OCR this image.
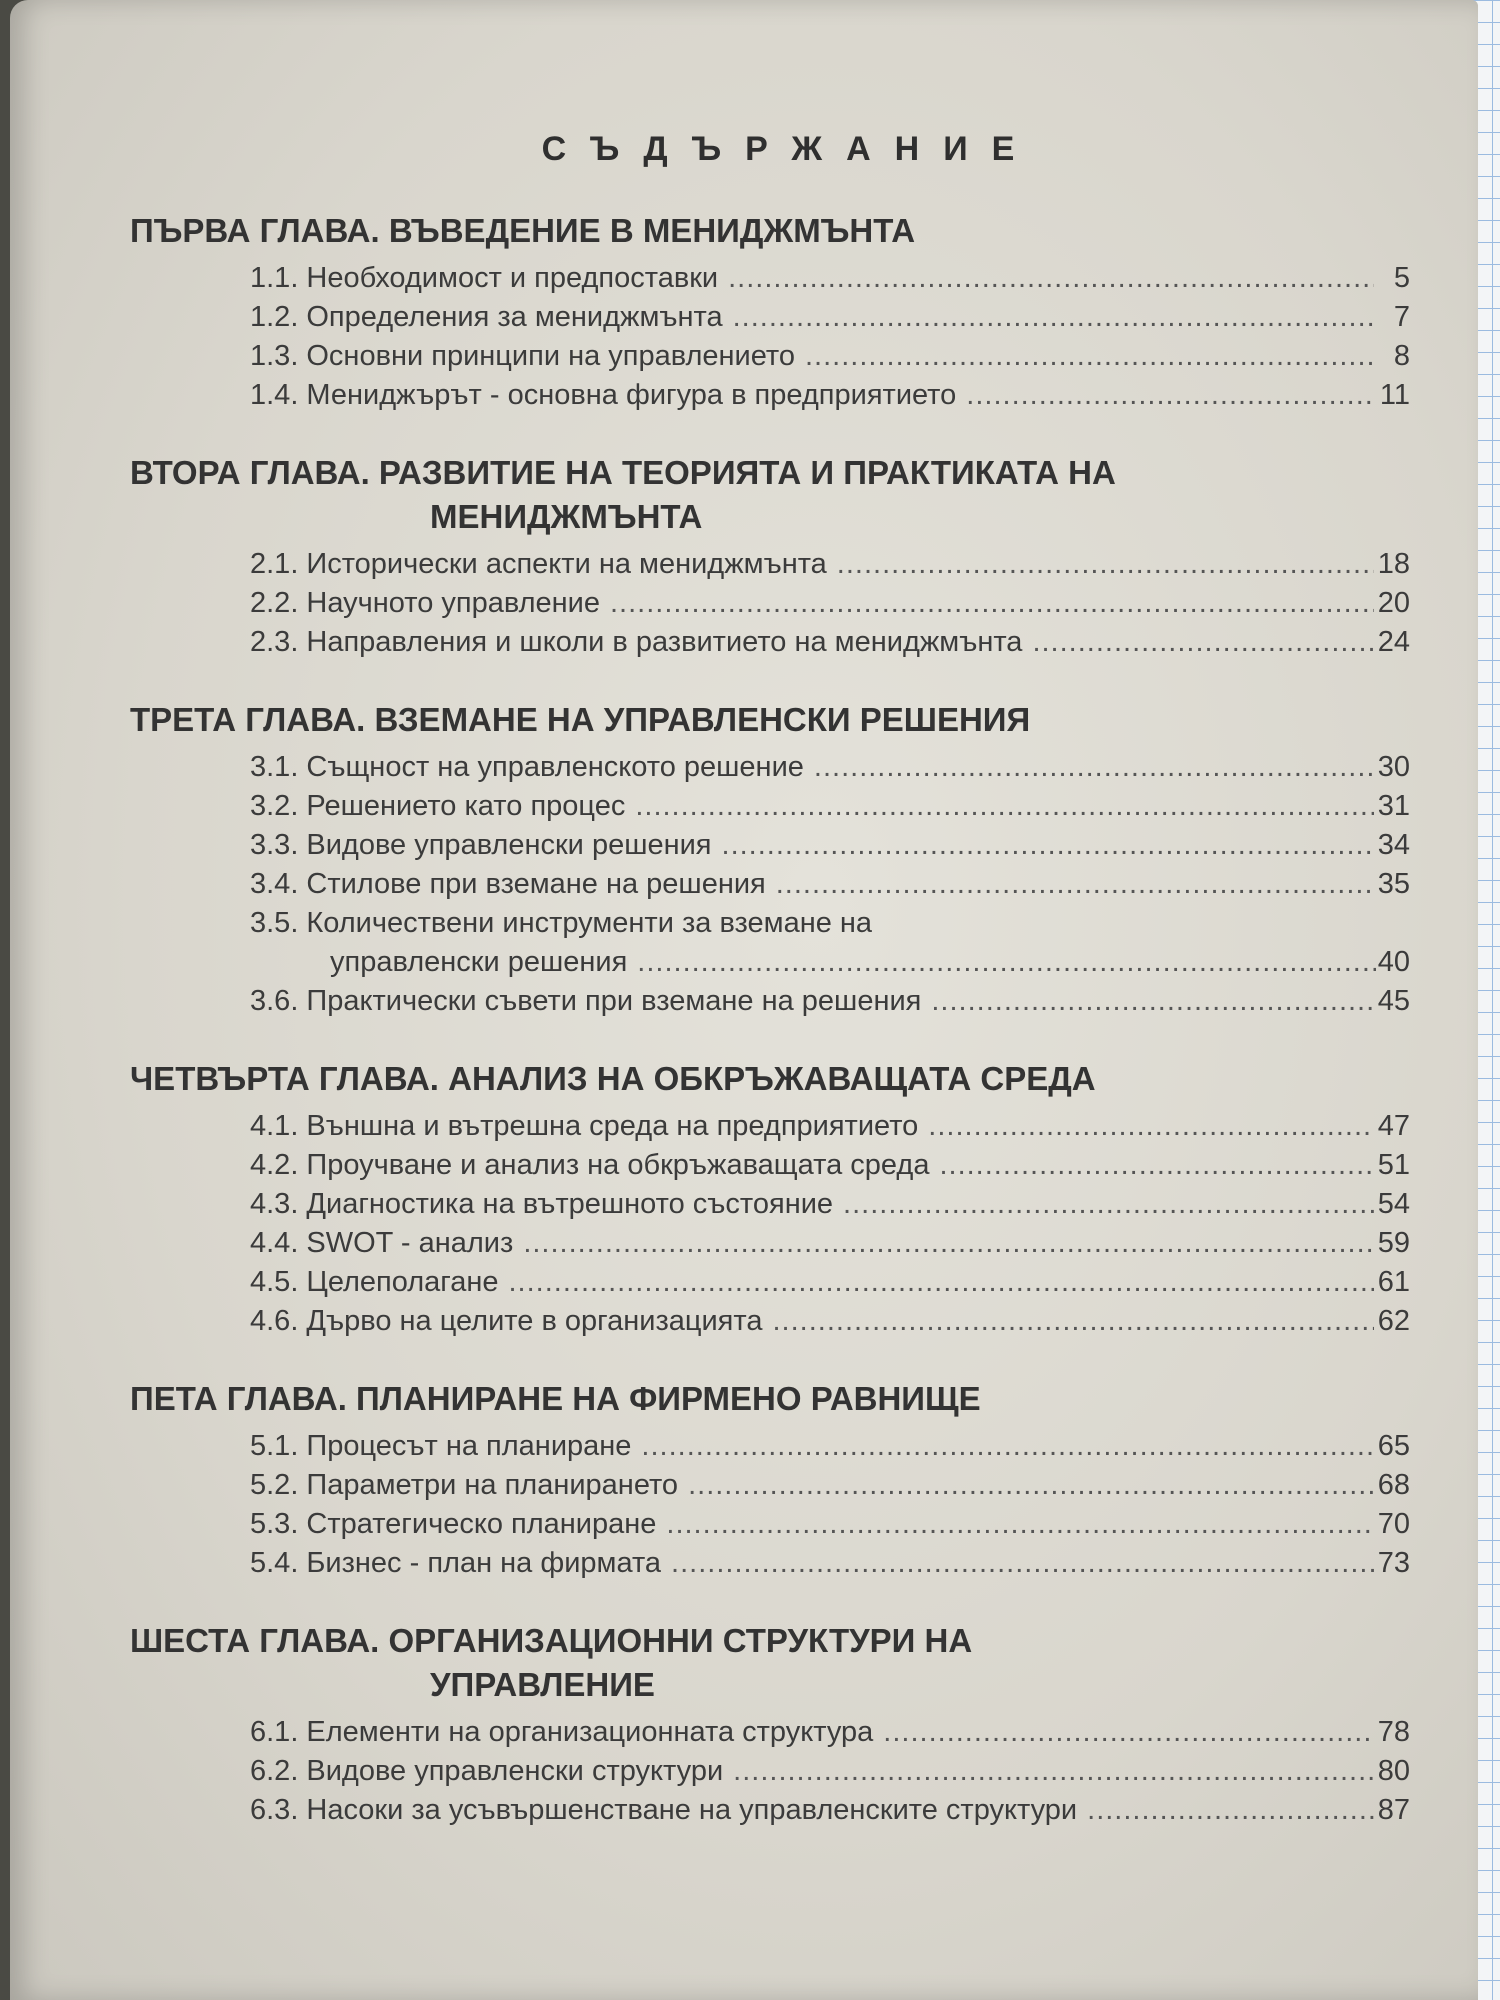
СЪДЪРЖАНИЕ
ПЪРВА ГЛАВА. ВЪВЕДЕНИЕ В МЕНИДЖМЪНТА
1.1. Необходимост и предпоставки .....	5
1.2. Определения за мениджмънта .....	7
1.3. Основни принципи на управлението .....	8
1.4. Мениджърът - основна фигура в предприятието .....	11
ВТОРА ГЛАВА. РАЗВИТИЕ НА ТЕОРИЯТА И ПРАКТИКАТА НА
МЕНИДЖМЪНТА
2.1. Исторически аспекти на мениджмънта .....	18
2.2. Научното управление .....	20
2.3. Направления и школи в развитието на мениджмънта .....	24
ТРЕТА ГЛАВА. ВЗЕМАНЕ НА УПРАВЛЕНСКИ РЕШЕНИЯ
3.1. Същност на управленското решение .....	30
3.2. Решението като процес .....	31
3.3. Видове управленски решения .....	34
3.4. Стилове при вземане на решения .....	35
3.5. Количествени инструменти за вземане на
управленски решения .....	40
3.6. Практически съвети при вземане на решения .....	45
ЧЕТВЪРТА ГЛАВА. АНАЛИЗ НА ОБКРЪЖАВАЩАТА СРЕДА
4.1. Външна и вътрешна среда на предприятието .....	47
4.2. Проучване и анализ на обкръжаващата среда .....	51
4.3. Диагностика на вътрешното състояние .....	54
4.4. SWOT - анализ .....	59
4.5. Целеполагане .....	61
4.6. Дърво на целите в организацията .....	62
ПЕТА ГЛАВА. ПЛАНИРАНЕ НА ФИРМЕНО РАВНИЩЕ
5.1. Процесът на планиране .....	65
5.2. Параметри на планирането .....	68
5.3. Стратегическо планиране .....	70
5.4. Бизнес - план на фирмата .....	73
ШЕСТА ГЛАВА. ОРГАНИЗАЦИОННИ СТРУКТУРИ НА
УПРАВЛЕНИЕ
6.1. Елементи на организационната структура .....	78
6.2. Видове управленски структури .....	80
6.3. Насоки за усъвършенстване на управленските структури .....	87
